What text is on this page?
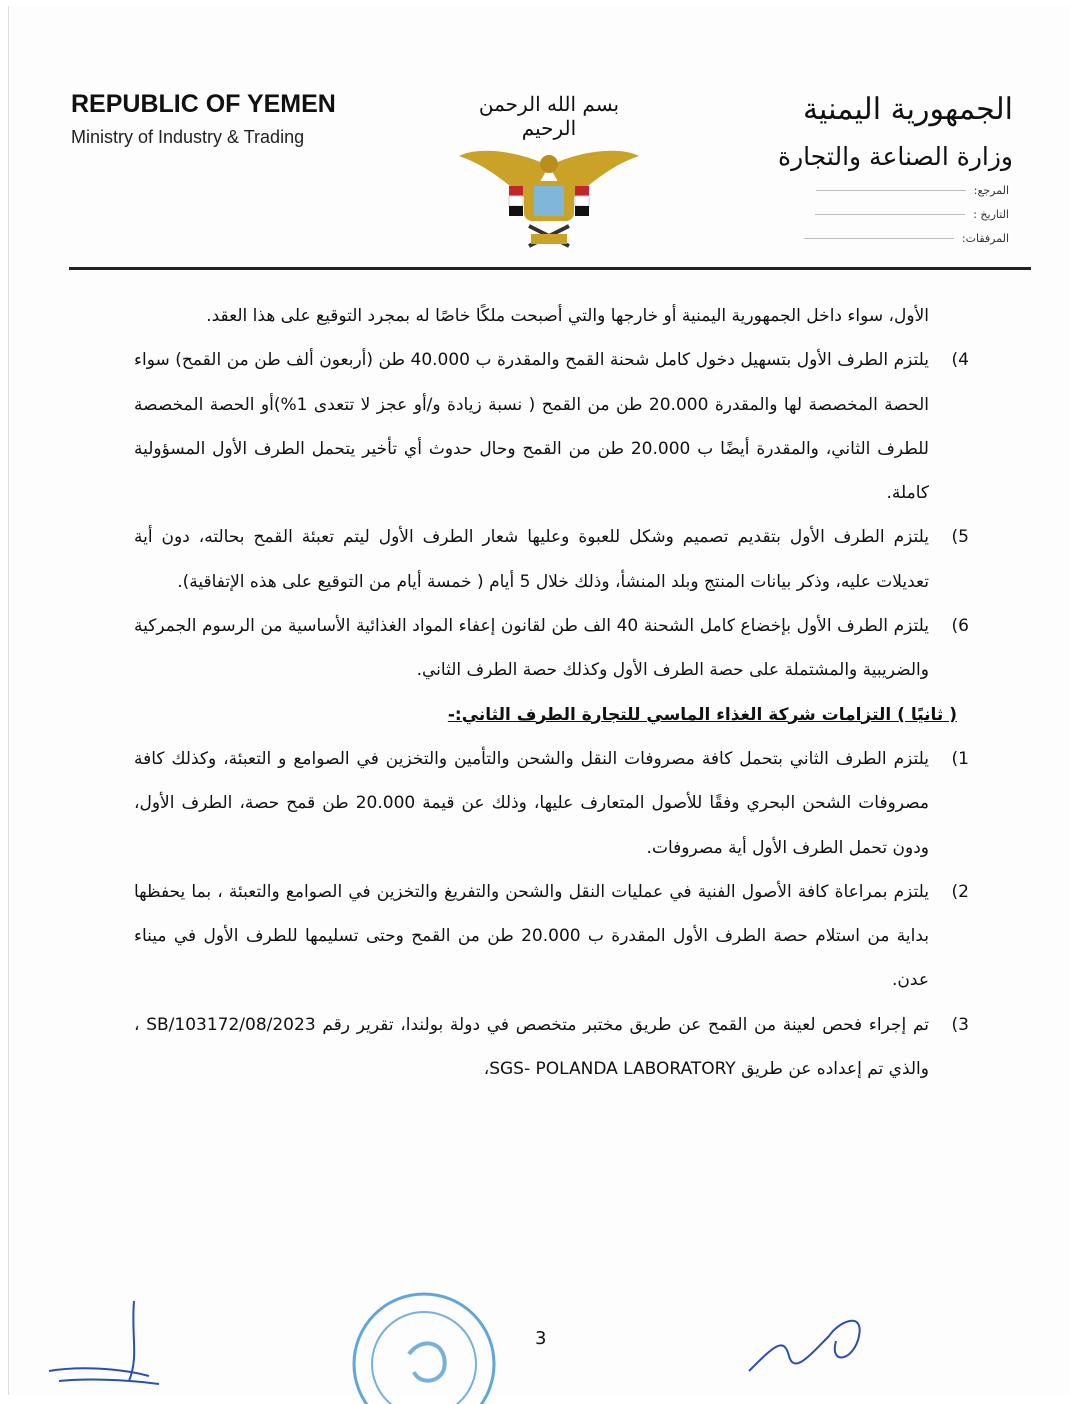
REPUBLIC OF YEMEN
Ministry of Industry & Trading
بسم الله الرحمن الرحيم
الجمهورية اليمنية
وزارة الصناعة والتجارة
المرجع:
التاريخ :
المرفقات:

الأول، سواء داخل الجمهورية اليمنية أو خارجها والتي أصبحت ملكًا خاصًا له بمجرد التوقيع على هذا العقد.

(4

يلتزم الطرف الأول بتسهيل دخول كامل شحنة القمح والمقدرة ب 40.000 طن (أربعون ألف طن من القمح) سواء الحصة المخصصة لها والمقدرة 20.000 طن من القمح ( نسبة زيادة و/أو عجز لا تتعدى 1%)أو الحصة المخصصة للطرف الثاني، والمقدرة أيضًا ب 20.000 طن من القمح وحال حدوث أي تأخير يتحمل الطرف الأول المسؤولية كاملة.

(5

يلتزم الطرف الأول بتقديم تصميم وشكل للعبوة وعليها شعار الطرف الأول ليتم تعبئة القمح بحالته، دون أية تعديلات عليه، وذكر بيانات المنتج وبلد المنشأ، وذلك خلال 5 أيام ( خمسة أيام من التوقيع على هذه الإتفاقية).

(6

يلتزم الطرف الأول بإخضاع كامل الشحنة 40 الف طن لقانون إعفاء المواد الغذائية الأساسية من الرسوم الجمركية والضريبية والمشتملة على حصة الطرف الأول وكذلك حصة الطرف الثاني.

( ثانيًا ) التزامات شركة الغذاء الماسي للتجارة الطرف الثاني:-

(1

يلتزم الطرف الثاني بتحمل كافة مصروفات النقل والشحن والتأمين والتخزين في الصوامع و التعبئة، وكذلك كافة مصروفات الشحن البحري وفقًا للأصول المتعارف عليها، وذلك عن قيمة 20.000 طن قمح حصة، الطرف الأول، ودون تحمل الطرف الأول أية مصروفات.

(2

يلتزم بمراعاة كافة الأصول الفنية في عمليات النقل والشحن والتفريغ والتخزين في الصوامع والتعبئة ، بما يحفظها بداية من استلام حصة الطرف الأول المقدرة ب 20.000 طن من القمح وحتى تسليمها للطرف الأول في ميناء عدن.

(3

تم إجراء فحص لعينة من القمح عن طريق مختبر متخصص في دولة بولندا، تقرير رقم SB/103172/08/2023 ، والذي تم إعداده عن طريق SGS- POLANDA LABORATORY،

3
